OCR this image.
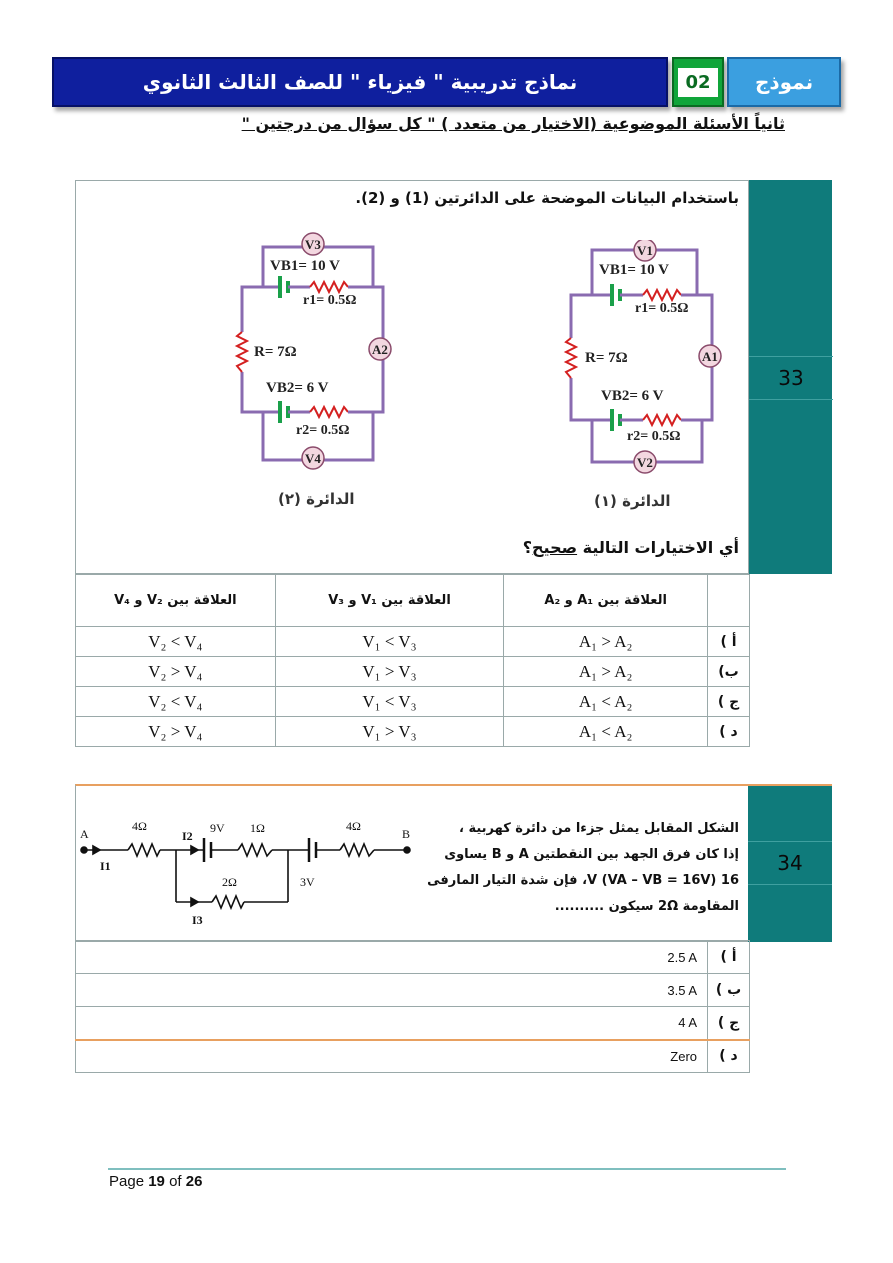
نماذج تدريبية " فيزياء " للصف الثالث الثانوي	02	نموذج
ثانياً الأسئلة الموضوعية (الاختيار من متعدد ) " كل سؤال من درجتين "
33
باستخدام البيانات الموضحة على الدائرتين (1) و (2).
V3
A2
V4
VB1= 10 V
r1= 0.5Ω
R= 7Ω
VB2= 6 V
r2= 0.5Ω
الدائرة (٢)
V1
A1
V2
VB1= 10 V
r1= 0.5Ω
R= 7Ω
VB2= 6 V
r2= 0.5Ω
الدائرة (١)
أي الاختيارات التالية صحيح؟
العلاقة بين V₂ و V₄	العلاقة بين V₁ و V₃	العلاقة بين A₁ و A₂	
V₂ < V₄	V₁ < V₃	A₁ > A₂	أ )
V₂ > V₄	V₁ > V₃	A₁ > A₂	ب)
V₂ < V₄	V₁ < V₃	A₁ < A₂	ج )
V₂ > V₄	V₁ > V₃	A₁ < A₂	د )
34
A	B
4Ω
I1
I2
9V 1Ω
3V
4Ω
2Ω
I3
الشكل المقابل يمثل جزءا من دائرة كهربية ،
إذا كان فرق الجهد بين النقطتين A و B يساوى
16 V (VA – VB = 16V)، فإن شدة التيار المارفى
المقاومة 2Ω سيكون ..........
2.5 A	أ )
3.5 A	ب )
4 A	ج )
Zero	د )
Page 19 of 26
